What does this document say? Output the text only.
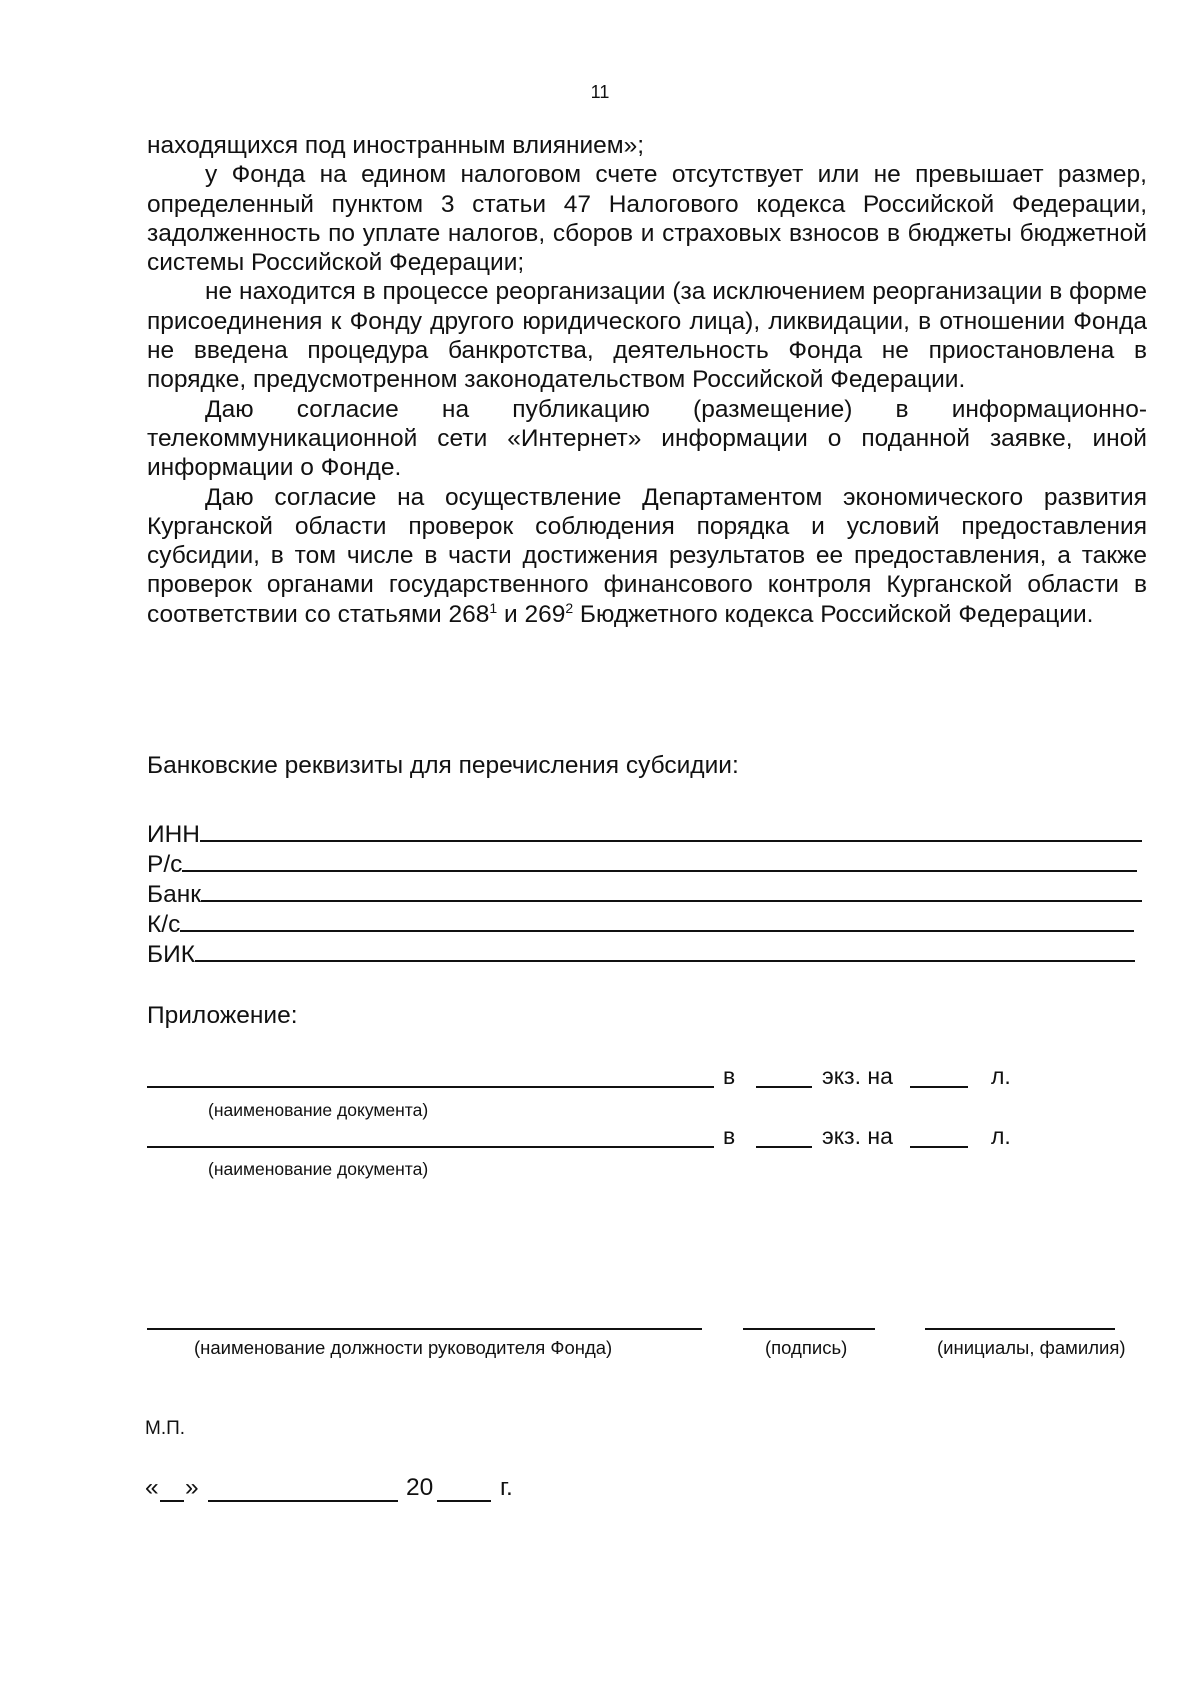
11

находящихся под иностранным влиянием»;

у Фонда на едином налоговом счете отсутствует или не превышает размер, определенный пунктом 3 статьи 47 Налогового кодекса Российской Федерации, задолженность по уплате налогов, сборов и страховых взносов в бюджеты бюджетной системы Российской Федерации;

не находится в процессе реорганизации (за исключением реорганизации в форме присоединения к Фонду другого юридического лица), ликвидации, в отношении Фонда не введена процедура банкротства, деятельность Фонда не приостановлена в порядке, предусмотренном законодательством Российской Федерации.

Даю согласие на публикацию (размещение) в информационно-телекоммуникационной сети «Интернет» информации о поданной заявке, иной информации о Фонде.

Даю согласие на осуществление Департаментом экономического развития Курганской области проверок соблюдения порядка и условий предоставления субсидии, в том числе в части достижения результатов ее предоставления, а также проверок органами государственного финансового контроля Курганской области в соответствии со статьями $268^1$ и $269^2$ Бюджетного кодекса Российской Федерации.

Банковские реквизиты для перечисления субсидии:
ИНН
Р/с
Банк
К/с
БИК
Приложение:
в	экз. на	л.
(наименование документа)
в	экз. на	л.
(наименование документа)
(наименование должности руководителя Фонда)	(подпись)	(инициалы, фамилия)
М.П.
« »	20	г.
